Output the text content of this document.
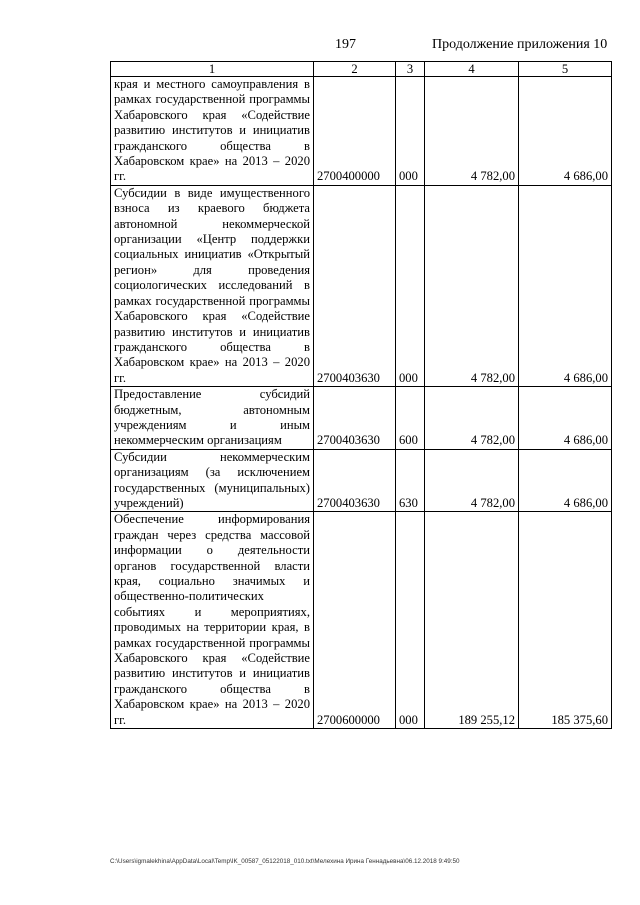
197	Продолжение приложения 10
1	2	3	4	5
края и местного самоуправления в рамках государственной программы Хабаровского края «Содействие развитию институтов и инициатив гражданского общества в Хабаровском крае» на 2013 – 2020 гг.	2700400000	000	4 782,00	4 686,00
Субсидии в виде имущественного взноса из краевого бюджета автономной некоммерческой организации «Центр поддержки социальных инициатив «Открытый регион» для проведения социологических исследований в рамках государственной программы Хабаровского края «Содействие развитию институтов и инициатив гражданского общества в Хабаровском крае» на 2013 – 2020 гг.	2700403630	000	4 782,00	4 686,00
Предоставление субсидий бюджетным, автономным учреждениям и иным некоммерческим организациям	2700403630	600	4 782,00	4 686,00
Субсидии некоммерческим организациям (за исключением государственных (муниципальных) учреждений)	2700403630	630	4 782,00	4 686,00
Обеспечение информирования граждан через средства массовой информации о деятельности органов государственной власти края, социально значимых и общественно-политических событиях и мероприятиях, проводимых на территории края, в рамках государственной программы Хабаровского края «Содействие развитию институтов и инициатив гражданского общества в Хабаровском крае» на 2013 – 2020 гг.	2700600000	000	189 255,12	185 375,60
C:\Users\igmalekhina\AppData\Local\Temp\IK_00587_05122018_010.txt\Мелехина Ирина Геннадьевна\06.12.2018 9:49:50
